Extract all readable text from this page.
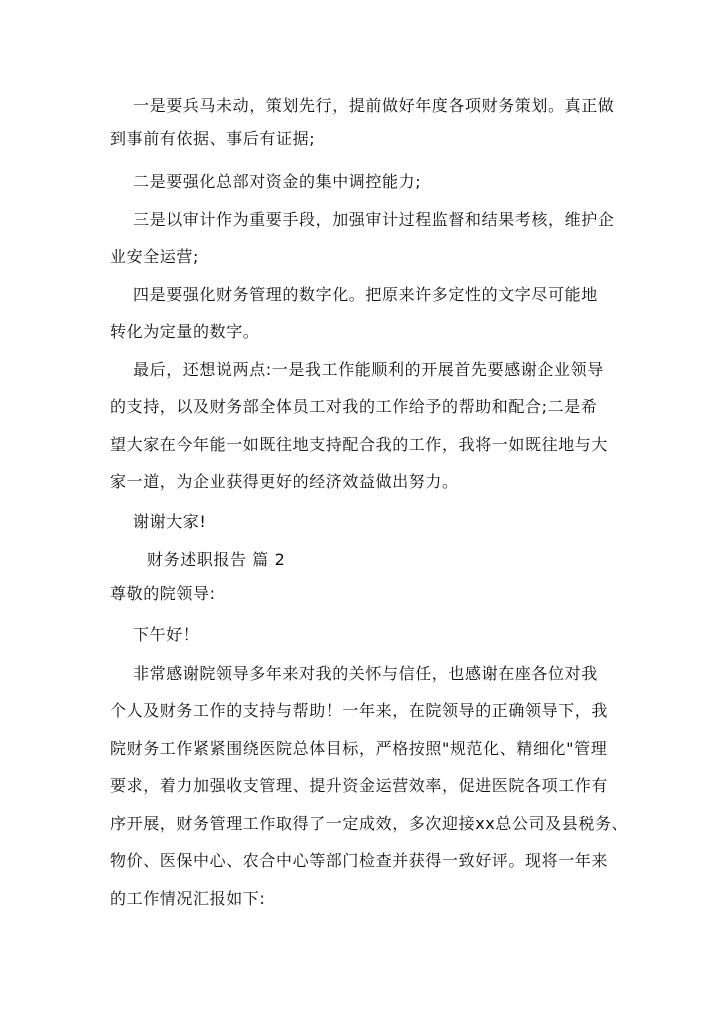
一是要兵马未动，策划先行，提前做好年度各项财务策划。真正做
到事前有依据、事后有证据;
二是要强化总部对资金的集中调控能力;
三是以审计作为重要手段，加强审计过程监督和结果考核，维护企
业安全运营;
四是要强化财务管理的数字化。把原来许多定性的文字尽可能地
转化为定量的数字。
最后，还想说两点:一是我工作能顺利的开展首先要感谢企业领导
的支持，以及财务部全体员工对我的工作给予的帮助和配合;二是希
望大家在今年能一如既往地支持配合我的工作，我将一如既往地与大
家一道，为企业获得更好的经济效益做出努力。
谢谢大家!
财务述职报告 篇 2
尊敬的院领导:
下午好！
非常感谢院领导多年来对我的关怀与信任，也感谢在座各位对我
个人及财务工作的支持与帮助！一年来，在院领导的正确领导下，我
院财务工作紧紧围绕医院总体目标，严格按照"规范化、精细化"管理
要求，着力加强收支管理、提升资金运营效率，促进医院各项工作有
序开展，财务管理工作取得了一定成效，多次迎接xx总公司及县税务、
物价、医保中心、农合中心等部门检查并获得一致好评。现将一年来
的工作情况汇报如下:
